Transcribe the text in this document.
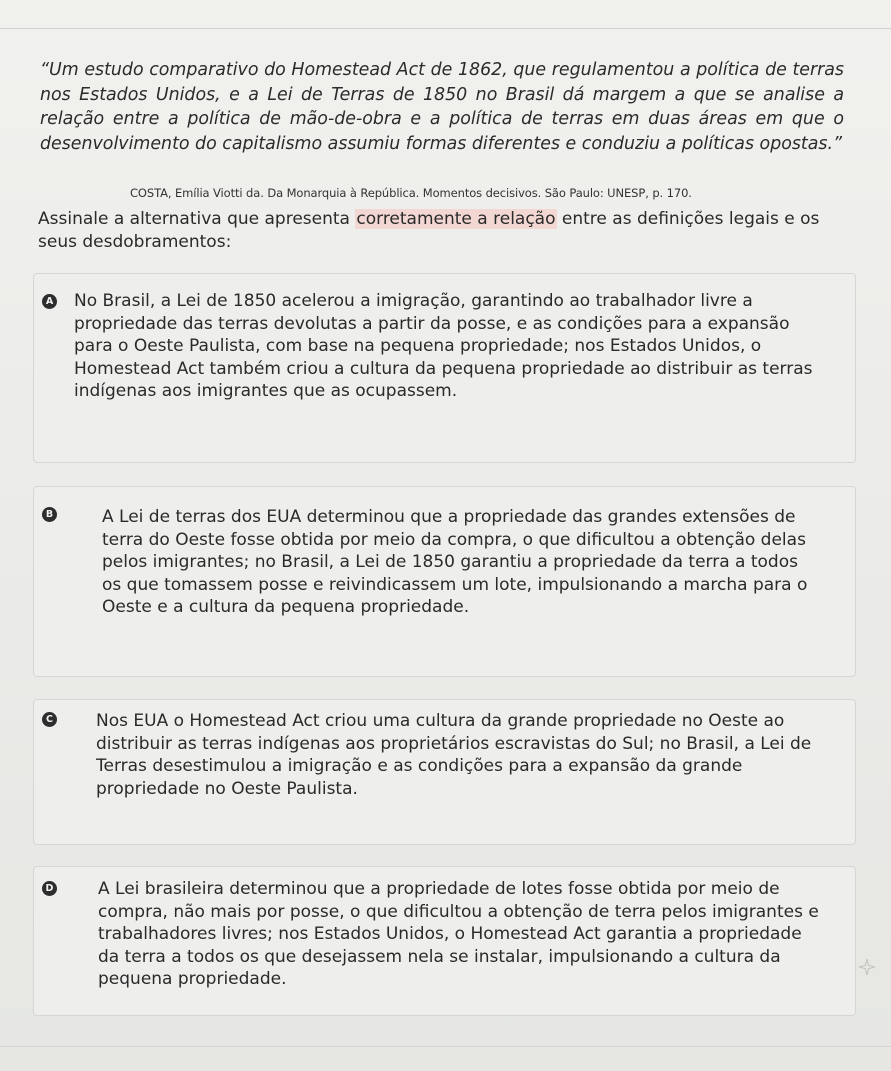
“Um estudo comparativo do Homestead Act de 1862, que regulamentou a política de terras nos Estados Unidos, e a Lei de Terras de 1850 no Brasil dá margem a que se analise a relação entre a política de mão-de-obra e a política de terras em duas áreas em que o desenvolvimento do capitalismo assumiu formas diferentes e conduziu a políticas opostas.”

COSTA, Emília Viotti da. Da Monarquia à República. Momentos decisivos. São Paulo: UNESP, p. 170.

Assinale a alternativa que apresenta corretamente a relação entre as definições legais e os seus desdobramentos:

A No Brasil, a Lei de 1850 acelerou a imigração, garantindo ao trabalhador livre a propriedade das terras devolutas a partir da posse, e as condições para a expansão para o Oeste Paulista, com base na pequena propriedade; nos Estados Unidos, o Homestead Act também criou a cultura da pequena propriedade ao distribuir as terras indígenas aos imigrantes que as ocupassem.

B	A Lei de terras dos EUA determinou que a propriedade das grandes extensões de terra do Oeste fosse obtida por meio da compra, o que dificultou a obtenção delas pelos imigrantes; no Brasil, a Lei de 1850 garantiu a propriedade da terra a todos os que tomassem posse e reivindicassem um lote, impulsionando a marcha para o Oeste e a cultura da pequena propriedade.

C	Nos EUA o Homestead Act criou uma cultura da grande propriedade no Oeste ao distribuir as terras indígenas aos proprietários escravistas do Sul; no Brasil, a Lei de Terras desestimulou a imigração e as condições para a expansão da grande propriedade no Oeste Paulista.

D	A Lei brasileira determinou que a propriedade de lotes fosse obtida por meio de compra, não mais por posse, o que dificultou a obtenção de terra pelos imigrantes e trabalhadores livres; nos Estados Unidos, o Homestead Act garantia a propriedade da terra a todos os que desejassem nela se instalar, impulsionando a cultura da pequena propriedade.
